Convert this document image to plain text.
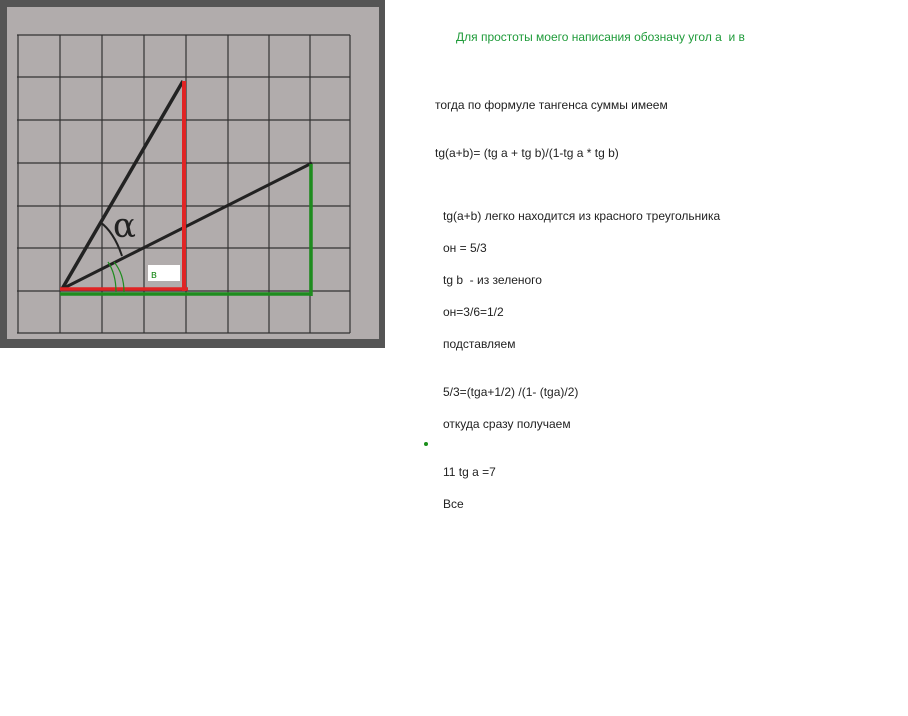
α
в
Для простоты моего написания обозначу угол а  и в
тогда по формуле тангенса суммы имеем
tg(a+b)= (tg a + tg b)/(1-tg a * tg b)
tg(a+b) легко находится из красного треугольника
он = 5/3
tg b  - из зеленого
он=3/6=1/2
подставляем
5/3=(tga+1/2) /(1- (tga)/2)
откуда сразу получаем
11 tg a =7
Все
